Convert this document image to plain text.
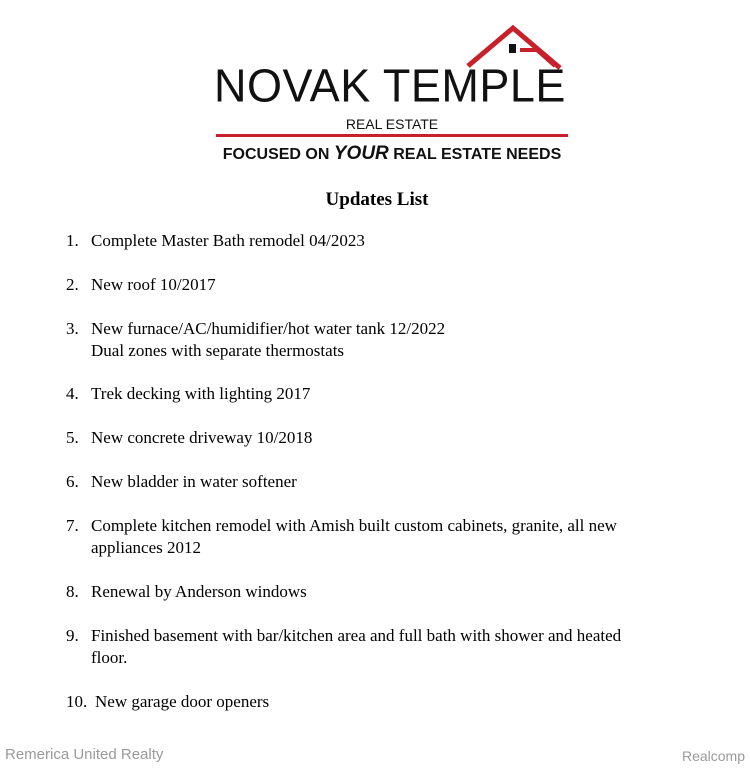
NOVAK TEMPLE
REAL ESTATE
FOCUSED ON YOUR REAL ESTATE NEEDS
Updates List
1. Complete Master Bath remodel 04/2023
2. New roof 10/2017
3. New furnace/AC/humidifier/hot water tank 12/2022
Dual zones with separate thermostats
4. Trek decking with lighting 2017
5. New concrete driveway 10/2018
6. New bladder in water softener
7. Complete kitchen remodel with Amish built custom cabinets, granite, all new
appliances 2012
8. Renewal by Anderson windows
9. Finished basement with bar/kitchen area and full bath with shower and heated
floor.
10. New garage door openers
Remerica United Realty	Realcomp
